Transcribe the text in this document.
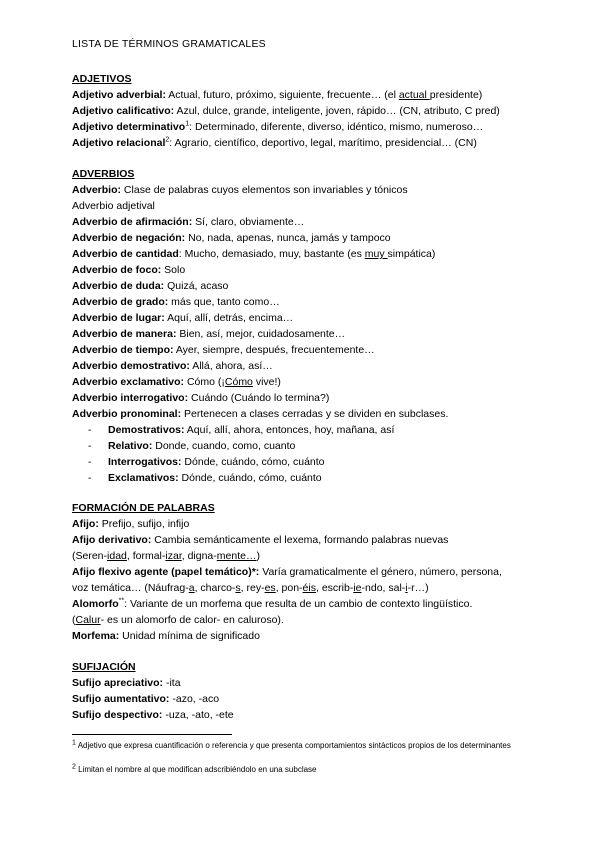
LISTA DE TÉRMINOS GRAMATICALES
ADJETIVOS
Adjetivo adverbial: Actual, futuro, próximo, siguiente, frecuente… (el actual presidente)
Adjetivo calificativo: Azul, dulce, grande, inteligente, joven, rápido… (CN, atributo, C pred)
Adjetivo determinativo$^1$: Determinado, diferente, diverso, idéntico, mismo, numeroso…
Adjetivo relacional$^2$: Agrario, científico, deportivo, legal, marítimo, presidencial… (CN)
ADVERBIOS
Adverbio: Clase de palabras cuyos elementos son invariables y tónicos
Adverbio adjetival
Adverbio de afirmación: Sí, claro, obviamente…
Adverbio de negación: No, nada, apenas, nunca, jamás y tampoco
Adverbio de cantidad: Mucho, demasiado, muy, bastante (es muy simpática)
Adverbio de foco: Solo
Adverbio de duda: Quizá, acaso
Adverbio de grado: más que, tanto como…
Adverbio de lugar: Aquí, allí, detrás, encima…
Adverbio de manera: Bien, así, mejor, cuidadosamente…
Adverbio de tiempo: Ayer, siempre, después, frecuentemente…
Adverbio demostrativo: Allá, ahora, así…
Adverbio exclamativo: Cómo (¡Cómo vive!)
Adverbio interrogativo: Cuándo (Cuándo lo termina?)
Adverbio pronominal: Pertenecen a clases cerradas y se dividen en subclases.
- Demostrativos: Aquí, allí, ahora, entonces, hoy, mañana, así
- Relativo: Donde, cuando, como, cuanto
- Interrogativos: Dónde, cuándo, cómo, cuánto
- Exclamativos: Dónde, cuándo, cómo, cuánto
FORMACIÓN DE PALABRAS
Afijo: Prefijo, sufijo, infijo
Afijo derivativo: Cambia semánticamente el lexema, formando palabras nuevas
(Seren-idad, formal-izar, digna-mente…)
Afijo flexivo agente (papel temático)*: Varía gramaticalmente el género, número, persona,
voz temática… (Náufrag-a, charco-s, rey-es, pon-éis, escrib-ie-ndo, sal-i-r…)
Alomorfo**: Variante de un morfema que resulta de un cambio de contexto lingüístico.
(Calur- es un alomorfo de calor- en caluroso).
Morfema: Unidad mínima de significado
SUFIJACIÓN
Sufijo apreciativo: -ita
Sufijo aumentativo: -azo, -aco
Sufijo despectivo: -uza, -ato, -ete
$^1$ Adjetivo que expresa cuantificación o referencia y que presenta comportamientos sintácticos propios de los determinantes
$^2$ Limitan el nombre al que modifican adscribiéndolo en una subclase
